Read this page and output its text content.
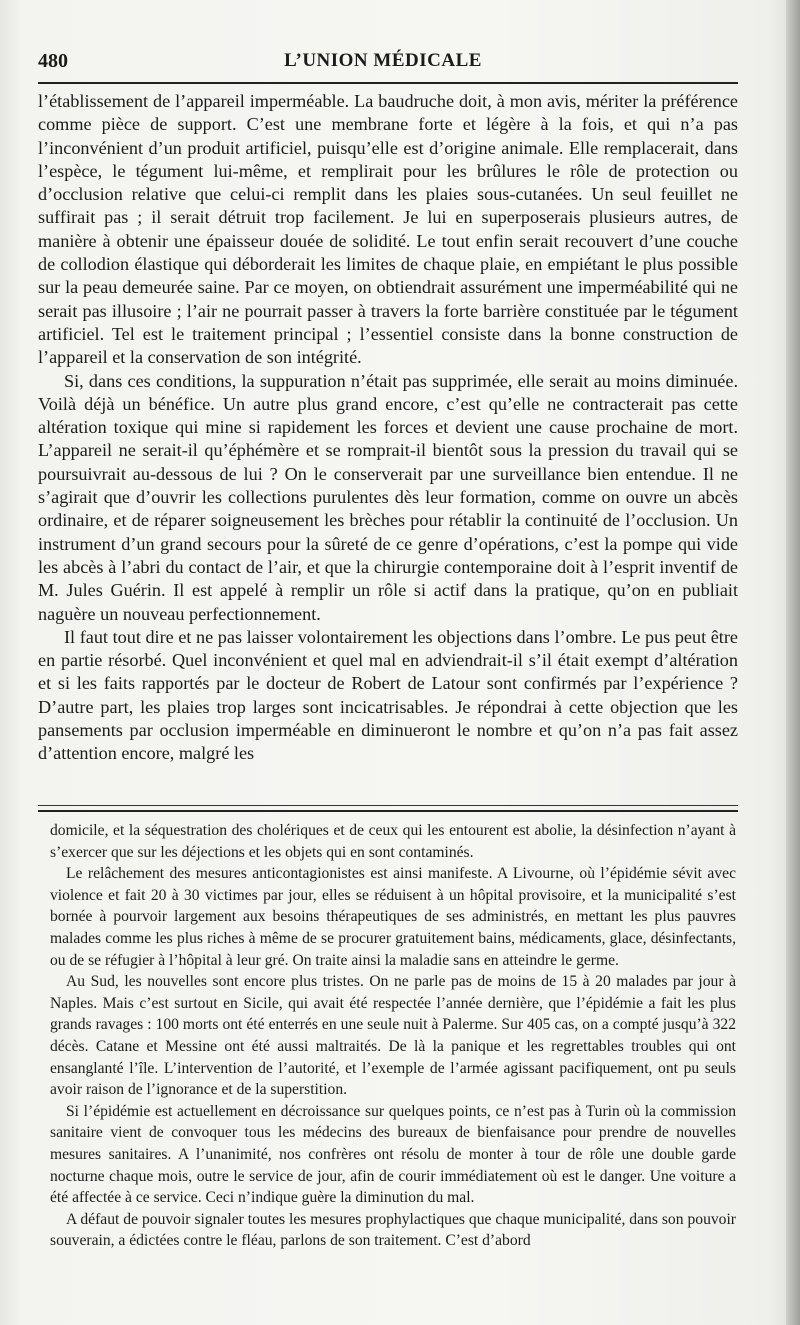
480	L’UNION MÉDICALE

l’établissement de l’appareil imperméable. La baudruche doit, à mon avis, mériter la préférence comme pièce de support. C’est une membrane forte et légère à la fois, et qui n’a pas l’inconvénient d’un produit artificiel, puisqu’elle est d’origine animale. Elle remplacerait, dans l’espèce, le tégument lui-même, et remplirait pour les brûlures le rôle de protection ou d’occlusion relative que celui-ci remplit dans les plaies sous-cutanées. Un seul feuillet ne suffirait pas ; il serait détruit trop facilement. Je lui en superposerais plusieurs autres, de manière à obtenir une épaisseur douée de solidité. Le tout enfin serait recouvert d’une couche de collodion élastique qui déborderait les limites de chaque plaie, en empiétant le plus possible sur la peau demeurée saine. Par ce moyen, on obtiendrait assurément une imperméabilité qui ne serait pas illusoire ; l’air ne pourrait passer à travers la forte barrière constituée par le tégument artificiel. Tel est le traitement principal ; l’essentiel consiste dans la bonne construction de l’appareil et la conservation de son intégrité.

Si, dans ces conditions, la suppuration n’était pas supprimée, elle serait au moins diminuée. Voilà déjà un bénéfice. Un autre plus grand encore, c’est qu’elle ne contracterait pas cette altération toxique qui mine si rapidement les forces et devient une cause prochaine de mort. L’appareil ne serait-il qu’éphémère et se romprait-il bientôt sous la pression du travail qui se poursuivrait au-dessous de lui ? On le conserverait par une surveillance bien entendue. Il ne s’agirait que d’ouvrir les collections purulentes dès leur formation, comme on ouvre un abcès ordinaire, et de réparer soigneusement les brèches pour rétablir la continuité de l’occlusion. Un instrument d’un grand secours pour la sûreté de ce genre d’opérations, c’est la pompe qui vide les abcès à l’abri du contact de l’air, et que la chirurgie contemporaine doit à l’esprit inventif de M. Jules Guérin. Il est appelé à remplir un rôle si actif dans la pratique, qu’on en publiait naguère un nouveau perfectionnement.

Il faut tout dire et ne pas laisser volontairement les objections dans l’ombre. Le pus peut être en partie résorbé. Quel inconvénient et quel mal en adviendrait-il s’il était exempt d’altération et si les faits rapportés par le docteur de Robert de Latour sont confirmés par l’expérience ? D’autre part, les plaies trop larges sont incicatrisables. Je répondrai à cette objection que les pansements par occlusion imperméable en diminueront le nombre et qu’on n’a pas fait assez d’attention encore, malgré les

domicile, et la séquestration des cholériques et de ceux qui les entourent est abolie, la désinfection n’ayant à s’exercer que sur les déjections et les objets qui en sont contaminés.

Le relâchement des mesures anticontagionistes est ainsi manifeste. A Livourne, où l’épidémie sévit avec violence et fait 20 à 30 victimes par jour, elles se réduisent à un hôpital provisoire, et la municipalité s’est bornée à pourvoir largement aux besoins thérapeutiques de ses administrés, en mettant les plus pauvres malades comme les plus riches à même de se procurer gratuitement bains, médicaments, glace, désinfectants, ou de se réfugier à l’hôpital à leur gré. On traite ainsi la maladie sans en atteindre le germe.

Au Sud, les nouvelles sont encore plus tristes. On ne parle pas de moins de 15 à 20 malades par jour à Naples. Mais c’est surtout en Sicile, qui avait été respectée l’année dernière, que l’épidémie a fait les plus grands ravages : 100 morts ont été enterrés en une seule nuit à Palerme. Sur 405 cas, on a compté jusqu’à 322 décès. Catane et Messine ont été aussi maltraités. De là la panique et les regrettables troubles qui ont ensanglanté l’île. L’intervention de l’autorité, et l’exemple de l’armée agissant pacifiquement, ont pu seuls avoir raison de l’ignorance et de la superstition.

Si l’épidémie est actuellement en décroissance sur quelques points, ce n’est pas à Turin où la commission sanitaire vient de convoquer tous les médecins des bureaux de bienfaisance pour prendre de nouvelles mesures sanitaires. A l’unanimité, nos confrères ont résolu de monter à tour de rôle une double garde nocturne chaque mois, outre le service de jour, afin de courir immédiatement où est le danger. Une voiture a été affectée à ce service. Ceci n’indique guère la diminution du mal.

A défaut de pouvoir signaler toutes les mesures prophylactiques que chaque municipalité, dans son pouvoir souverain, a édictées contre le fléau, parlons de son traitement. C’est d’abord
